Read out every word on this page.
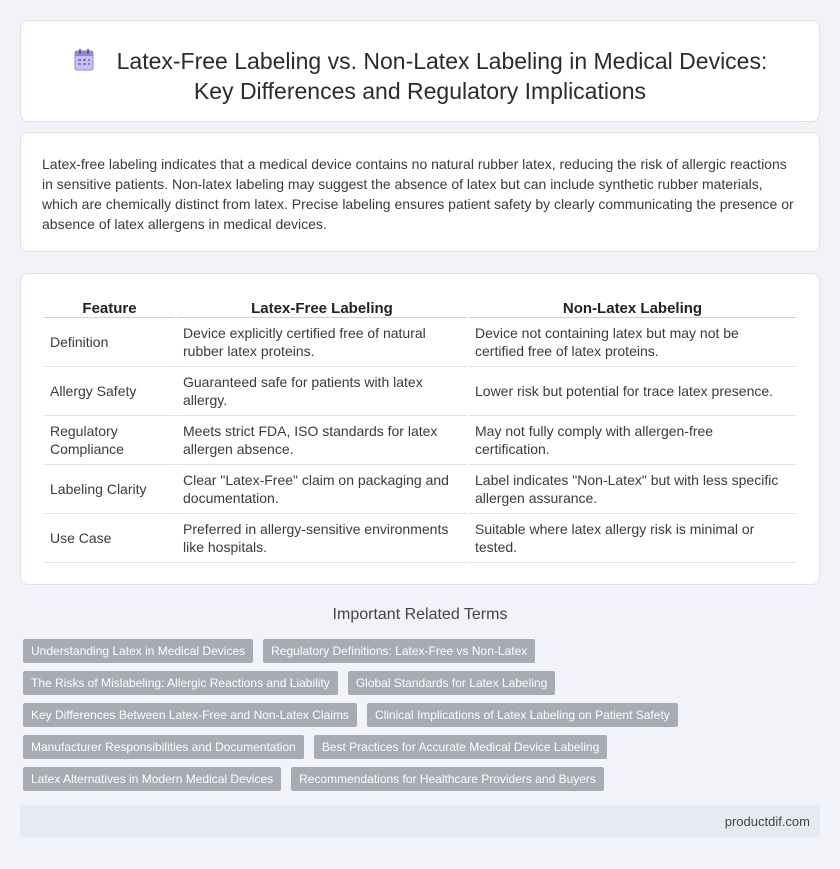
Latex-Free Labeling vs. Non-Latex Labeling in Medical Devices:
Key Differences and Regulatory Implications

Latex-free labeling indicates that a medical device contains no natural rubber latex, reducing the risk of allergic reactions in sensitive patients. Non-latex labeling may suggest the absence of latex but can include synthetic rubber materials, which are chemically distinct from latex. Precise labeling ensures patient safety by clearly communicating the presence or absence of latex allergens in medical devices.

Feature	Latex-Free Labeling	Non-Latex Labeling
Definition	Device explicitly certified free of natural rubber latex proteins.	Device not containing latex but may not be certified free of latex proteins.
Allergy Safety	Guaranteed safe for patients with latex allergy.	Lower risk but potential for trace latex presence.
Regulatory Compliance	Meets strict FDA, ISO standards for latex allergen absence.	May not fully comply with allergen-free certification.
Labeling Clarity	Clear "Latex-Free" claim on packaging and documentation.	Label indicates "Non-Latex" but with less specific allergen assurance.
Use Case	Preferred in allergy-sensitive environments like hospitals.	Suitable where latex allergy risk is minimal or tested.
Important Related Terms
Understanding Latex in Medical Devices Regulatory Definitions: Latex-Free vs Non-Latex
The Risks of Mislabeling: Allergic Reactions and Liability Global Standards for Latex Labeling
Key Differences Between Latex-Free and Non-Latex Claims Clinical Implications of Latex Labeling on Patient Safety
Manufacturer Responsibilities and Documentation Best Practices for Accurate Medical Device Labeling
Latex Alternatives in Modern Medical Devices Recommendations for Healthcare Providers and Buyers
productdif.com
